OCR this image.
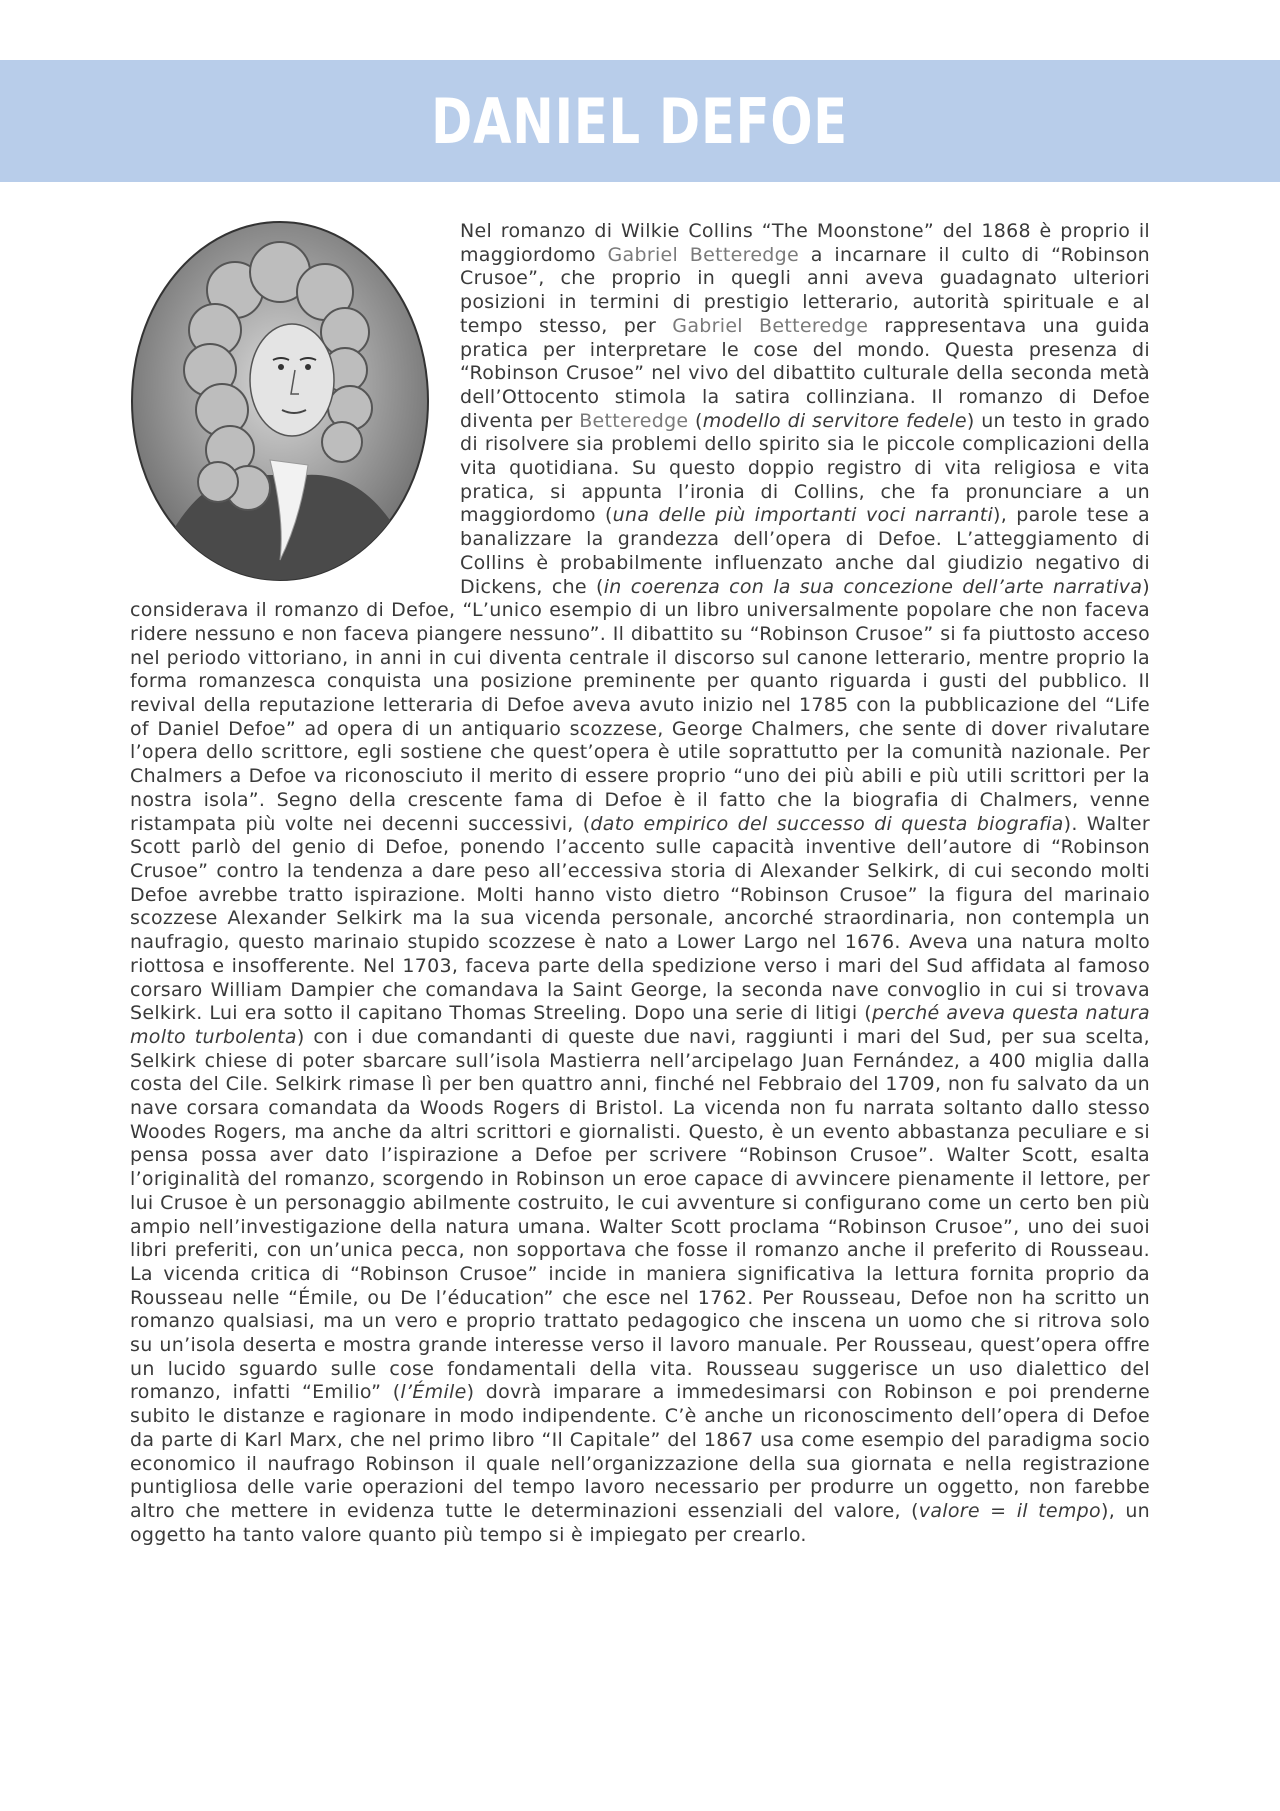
DANIEL DEFOE

Nel romanzo di Wilkie Collins “The Moonstone” del 1868 è proprio il maggiordomo Gabriel Betteredge a incarnare il culto di “Robinson Crusoe”, che proprio in quegli anni aveva guadagnato ulteriori posizioni in termini di prestigio letterario, autorità spirituale e al tempo stesso, per Gabriel Betteredge rappresentava una guida pratica per interpretare le cose del mondo. Questa presenza di “Robinson Crusoe” nel vivo del dibattito culturale della seconda metà dell’Ottocento stimola la satira collinziana. Il romanzo di Defoe diventa per Betteredge (modello di servitore fedele) un testo in grado di risolvere sia problemi dello spirito sia le piccole complicazioni della vita quotidiana. Su questo doppio registro di vita religiosa e vita pratica, si appunta l’ironia di Collins, che fa pronunciare a un maggiordomo (una delle più importanti voci narranti), parole tese a banalizzare la grandezza dell’opera di Defoe. L’atteggiamento di Collins è probabilmente influenzato anche dal giudizio negativo di Dickens, che (in coerenza con la sua concezione dell’arte narrativa) considerava il romanzo di Defoe, “L’unico esempio di un libro universalmente popolare che non faceva ridere nessuno e non faceva piangere nessuno”. Il dibattito su “Robinson Crusoe” si fa piuttosto acceso nel periodo vittoriano, in anni in cui diventa centrale il discorso sul canone letterario, mentre proprio la forma romanzesca conquista una posizione preminente per quanto riguarda i gusti del pubblico. Il revival della reputazione letteraria di Defoe aveva avuto inizio nel 1785 con la pubblicazione del “Life of Daniel Defoe” ad opera di un antiquario scozzese, George Chalmers, che sente di dover rivalutare l’opera dello scrittore, egli sostiene che quest’opera è utile soprattutto per la comunità nazionale. Per Chalmers a Defoe va riconosciuto il merito di essere proprio “uno dei più abili e più utili scrittori per la nostra isola”. Segno della crescente fama di Defoe è il fatto che la biografia di Chalmers, venne ristampata più volte nei decenni successivi, (dato empirico del successo di questa biografia). Walter Scott parlò del genio di Defoe, ponendo l’accento sulle capacità inventive dell’autore di “Robinson Crusoe” contro la tendenza a dare peso all’eccessiva storia di Alexander Selkirk, di cui secondo molti Defoe avrebbe tratto ispirazione. Molti hanno visto dietro “Robinson Crusoe” la figura del marinaio scozzese Alexander Selkirk ma la sua vicenda personale, ancorché straordinaria, non contempla un naufragio, questo marinaio stupido scozzese è nato a Lower Largo nel 1676. Aveva una natura molto riottosa e insofferente. Nel 1703, faceva parte della spedizione verso i mari del Sud affidata al famoso corsaro William Dampier che comandava la Saint George, la seconda nave convoglio in cui si trovava Selkirk. Lui era sotto il capitano Thomas Streeling. Dopo una serie di litigi (perché aveva questa natura molto turbolenta) con i due comandanti di queste due navi, raggiunti i mari del Sud, per sua scelta, Selkirk chiese di poter sbarcare sull’isola Mastierra nell’arcipelago Juan Fernández, a 400 miglia dalla costa del Cile. Selkirk rimase lì per ben quattro anni, finché nel Febbraio del 1709, non fu salvato da un nave corsara comandata da Woods Rogers di Bristol. La vicenda non fu narrata soltanto dallo stesso Woodes Rogers, ma anche da altri scrittori e giornalisti. Questo, è un evento abbastanza peculiare e si pensa possa aver dato l’ispirazione a Defoe per scrivere “Robinson Crusoe”. Walter Scott, esalta l’originalità del romanzo, scorgendo in Robinson un eroe capace di avvincere pienamente il lettore, per lui Crusoe è un personaggio abilmente costruito, le cui avventure si configurano come un certo ben più ampio nell’investigazione della natura umana. Walter Scott proclama “Robinson Crusoe”, uno dei suoi libri preferiti, con un’unica pecca, non sopportava che fosse il romanzo anche il preferito di Rousseau. La vicenda critica di “Robinson Crusoe” incide in maniera significativa la lettura fornita proprio da Rousseau nelle “Émile, ou De l’éducation” che esce nel 1762. Per Rousseau, Defoe non ha scritto un romanzo qualsiasi, ma un vero e proprio trattato pedagogico che inscena un uomo che si ritrova solo su un’isola deserta e mostra grande interesse verso il lavoro manuale. Per Rousseau, quest’opera offre un lucido sguardo sulle cose fondamentali della vita. Rousseau suggerisce un uso dialettico del romanzo, infatti “Emilio” (l’Émile) dovrà imparare a immedesimarsi con Robinson e poi prenderne subito le distanze e ragionare in modo indipendente. C’è anche un riconoscimento dell’opera di Defoe da parte di Karl Marx, che nel primo libro “Il Capitale” del 1867 usa come esempio del paradigma socio economico il naufrago Robinson il quale nell’organizzazione della sua giornata e nella registrazione puntigliosa delle varie operazioni del tempo lavoro necessario per produrre un oggetto, non farebbe altro che mettere in evidenza tutte le determinazioni essenziali del valore, (valore = il tempo), un oggetto ha tanto valore quanto più tempo si è impiegato per crearlo.
